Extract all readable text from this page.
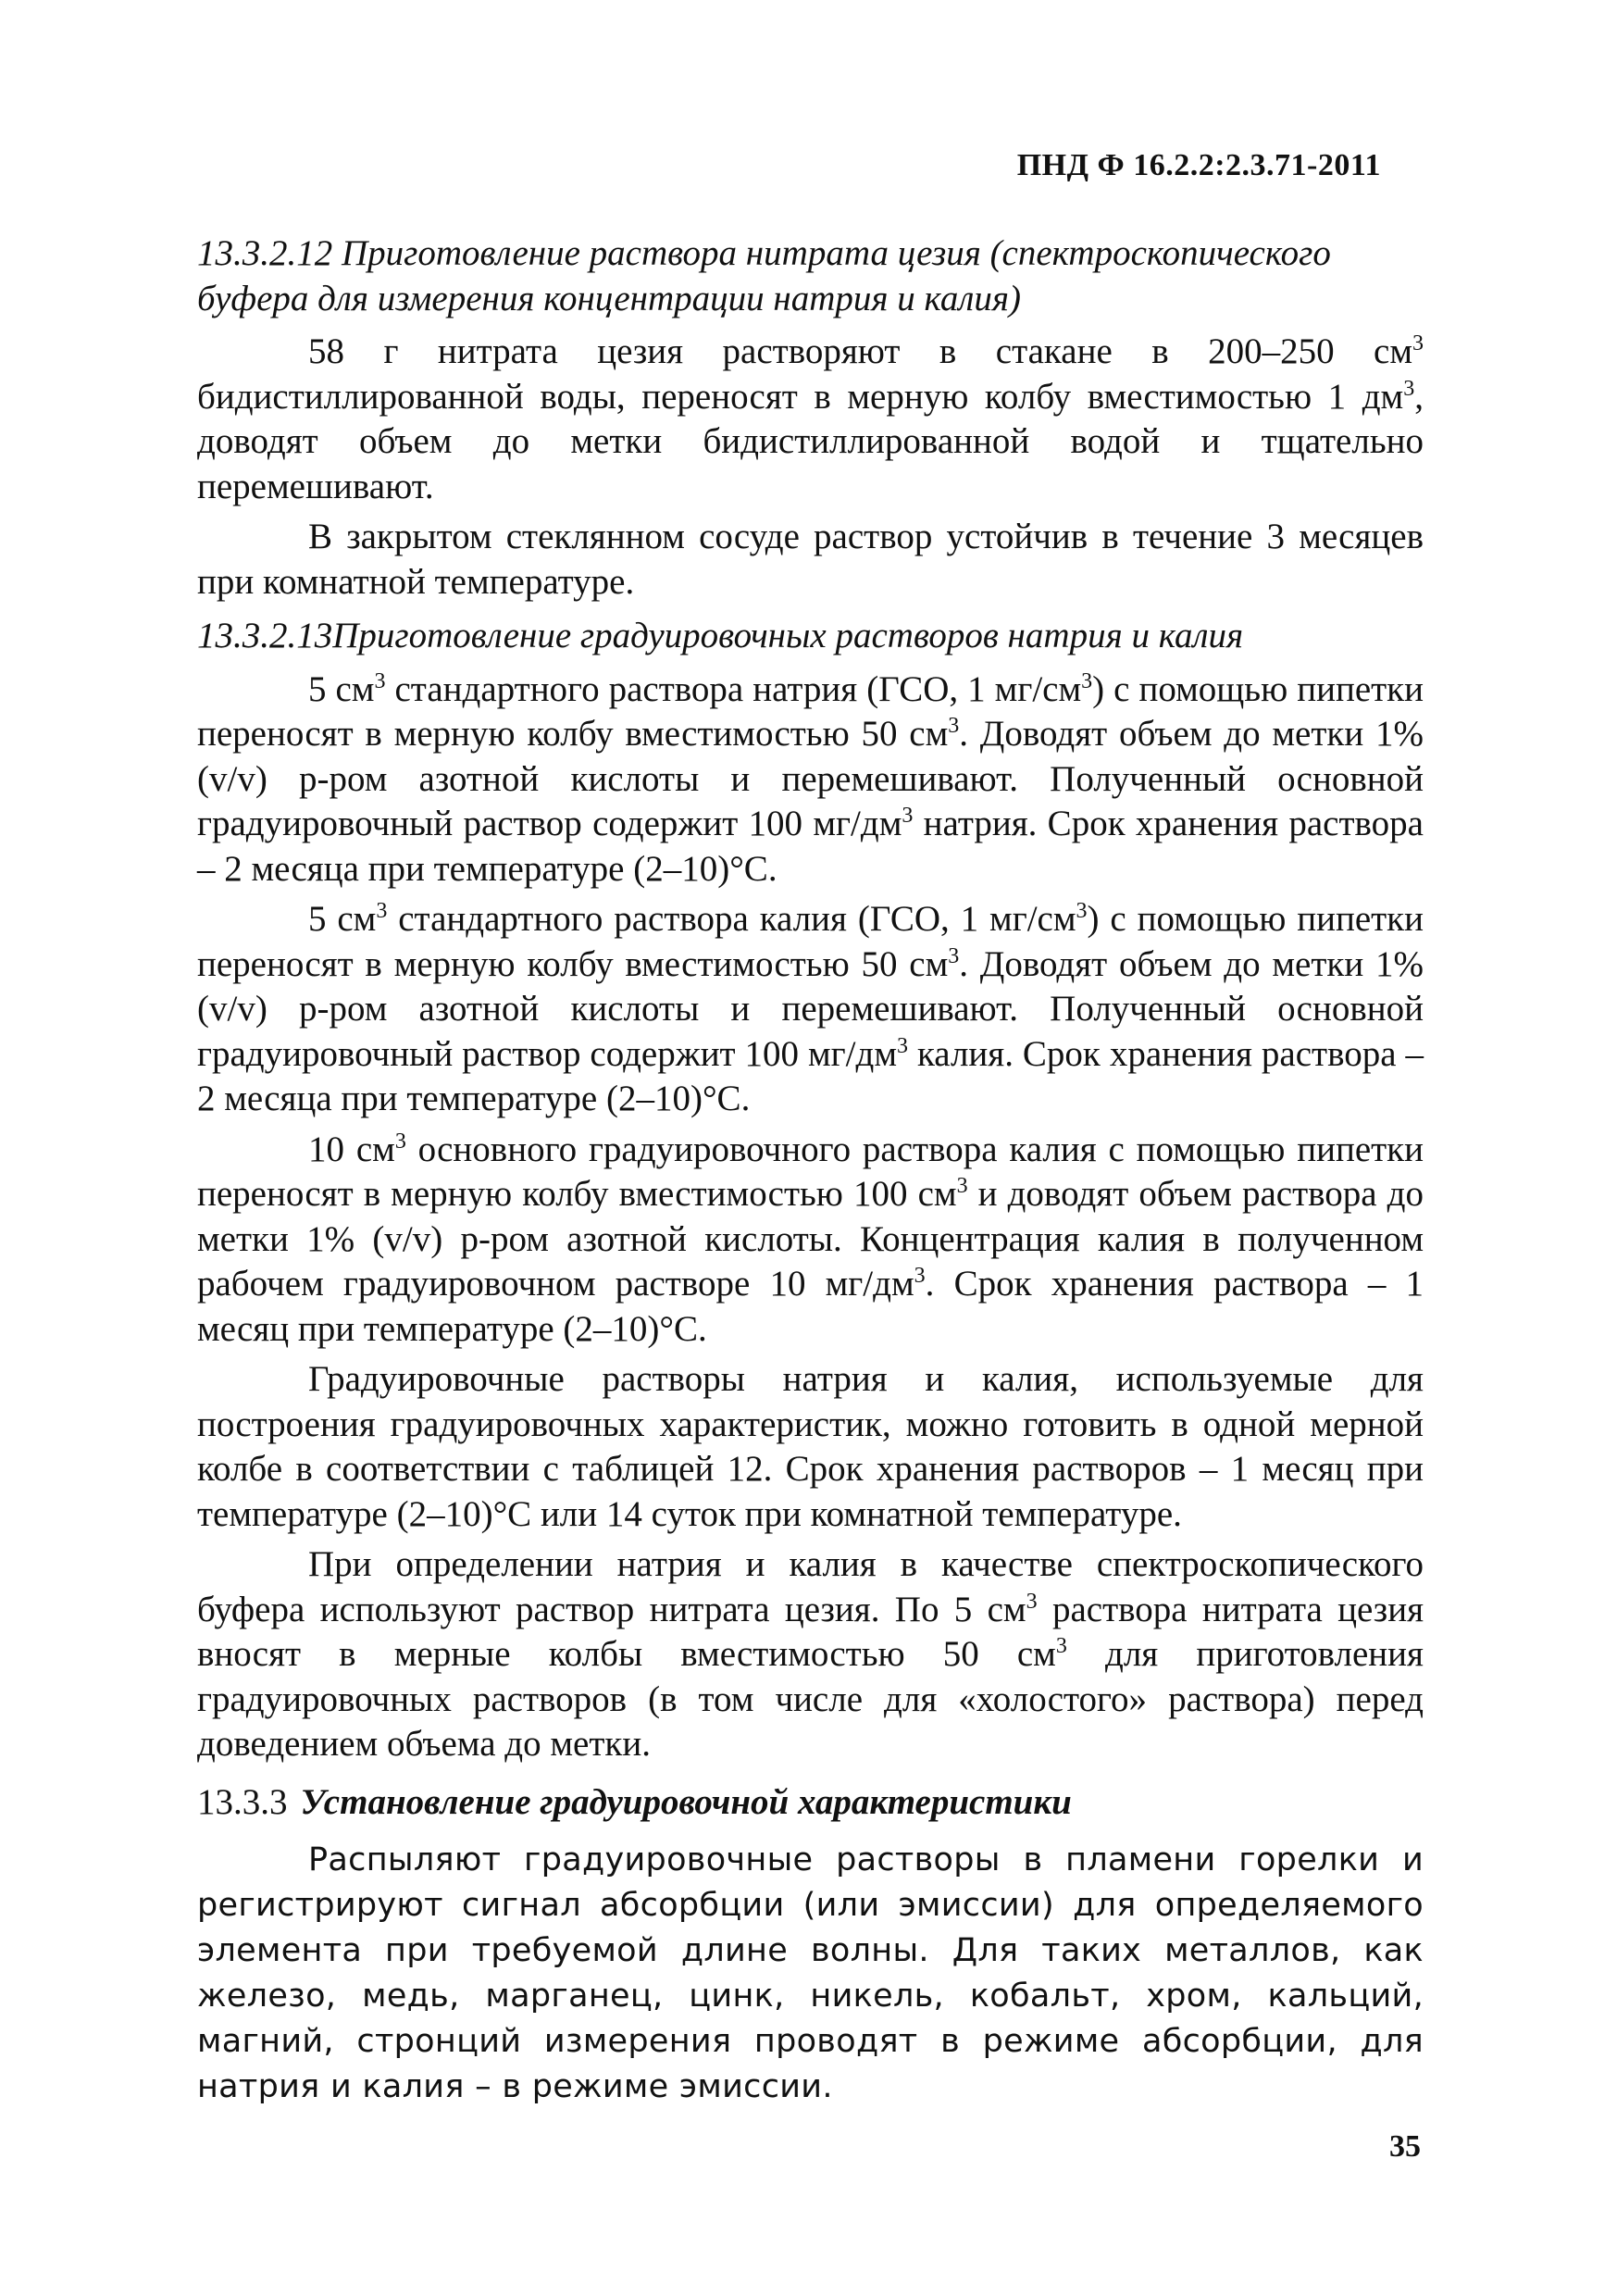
ПНД Ф 16.2.2:2.3.71-2011

13.3.2.12 Приготовление раствора нитрата цезия (спектроскопического буфера для измерения концентрации натрия и калия)

58 г нитрата цезия растворяют в стакане в 200–250 $см^3$ бидистиллированной воды, переносят в мерную колбу вместимостью 1 $дм^3$, доводят объем до метки бидистиллированной водой и тщательно перемешивают.

В закрытом стеклянном сосуде раствор устойчив в течение 3 месяцев при комнатной температуре.

13.3.2.13Приготовление градуировочных растворов натрия и калия

5 $см^3$ стандартного раствора натрия (ГСО, 1 $мг/см^3$) с помощью пипетки переносят в мерную колбу вместимостью 50 $см^3$. Доводят объем до метки 1%(v/v) р-ром азотной кислоты и перемешивают. Полученный основной градуировочный раствор содержит 100 $мг/дм^3$ натрия. Срок хранения раствора – 2 месяца при температуре (2–10)°С.

5 $см^3$ стандартного раствора калия (ГСО, 1 $мг/см^3$) с помощью пипетки переносят в мерную колбу вместимостью 50 $см^3$. Доводят объем до метки 1%(v/v) р-ром азотной кислоты и перемешивают. Полученный основной градуировочный раствор содержит 100 $мг/дм^3$ калия. Срок хранения раствора – 2 месяца при температуре (2–10)°С.

10 $см^3$ основного градуировочного раствора калия с помощью пипетки переносят в мерную колбу вместимостью 100 $см^3$ и доводят объем раствора до метки 1% (v/v) р-ром азотной кислоты. Концентрация калия в полученном рабочем градуировочном растворе 10 $мг/дм^3$. Срок хранения раствора – 1 месяц при температуре (2–10)°С.

Градуировочные растворы натрия и калия, используемые для построения градуировочных характеристик, можно готовить в одной мерной колбе в соответствии с таблицей 12. Срок хранения растворов – 1 месяц при температуре (2–10)°С или 14 суток при комнатной температуре.

При определении натрия и калия в качестве спектроскопического буфера используют раствор нитрата цезия. По 5 $см^3$ раствора нитрата цезия вносят в мерные колбы вместимостью 50 $см^3$ для приготовления градуировочных растворов (в том числе для «холостого» раствора) перед доведением объема до метки.

13.3.3 Установление градуировочной характеристики

Распыляют градуировочные растворы в пламени горелки и регистрируют сигнал абсорбции (или эмиссии) для определяемого элемента при требуемой длине волны. Для таких металлов, как железо, медь, марганец, цинк, никель, кобальт, хром, кальций, магний, стронций измерения проводят в режиме абсорбции, для натрия и калия – в режиме эмиссии.

35
